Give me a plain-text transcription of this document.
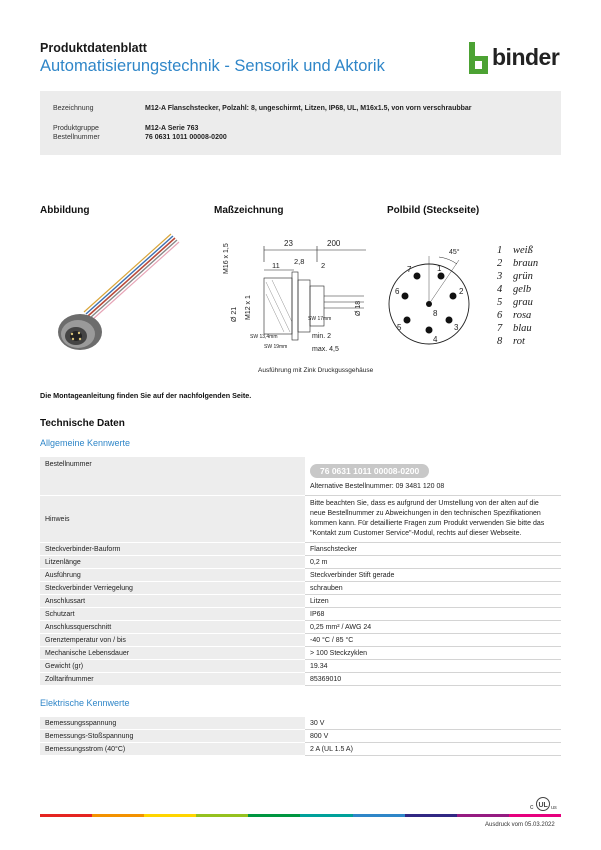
Produktdatenblatt
Automatisierungstechnik - Sensorik und Aktorik	binder
Bezeichnung	M12-A Flanschstecker, Polzahl: 8, ungeschirmt, Litzen, IP68, UL, M16x1.5, von vorn verschraubbar
Produktgruppe	M12-A Serie 763
Bestellnummer	76 0631 1011 00008-0200
Abbildung	Maßzeichnung	Polbild (Steckseite)
23	200
11 2,8 2
M16 x 1,5
Ø 21 M12 x 1	Ø 18
SW 17mm
SW 13,4mm
SW 19mm
min. 2
max. 4,5
Ausführung mit Zink Druckgussgehäuse
45°
1
2
3
4
5
6
7
8
1 weiß
2 braun
3 grün
4 gelb
5 grau
6 rosa
7 blau
8 rot
Die Montageanleitung finden Sie auf der nachfolgenden Seite.
Technische Daten
Allgemeine Kennwerte
Bestellnummer	76 0631 1011 00008-0200
Alternative Bestellnummer: 09 3481 120 08

Hinweis	Bitte beachten Sie, dass es aufgrund der Umstellung von der alten auf die neue Bestellnummer zu Abweichungen in den technischen Spezifikationen kommen kann. Für detaillierte Fragen zum Produkt verwenden Sie bitte das "Kontakt zum Customer Service"-Modul, rechts auf dieser Webseite.
Steckverbinder-Bauform	Flanschstecker
Litzenlänge	0,2 m
Ausführung	Steckverbinder Stift gerade
Steckverbinder Verriegelung	schrauben
Anschlussart	Litzen
Schutzart	IP68
Anschlussquerschnitt	0,25 mm² / AWG 24
Grenztemperatur von / bis	-40 °C / 85 °C
Mechanische Lebensdauer	> 100 Steckzyklen
Gewicht (gr)	19.34
Zolltarifnummer	85369010
Elektrische Kennwerte
Bemessungsspannung	30 V
Bemessungs-Stoßspannung	800 V
Bemessungsstrom (40°C)	2 A (UL 1.5 A)
c UL us
Ausdruck vom 05.03.2022
